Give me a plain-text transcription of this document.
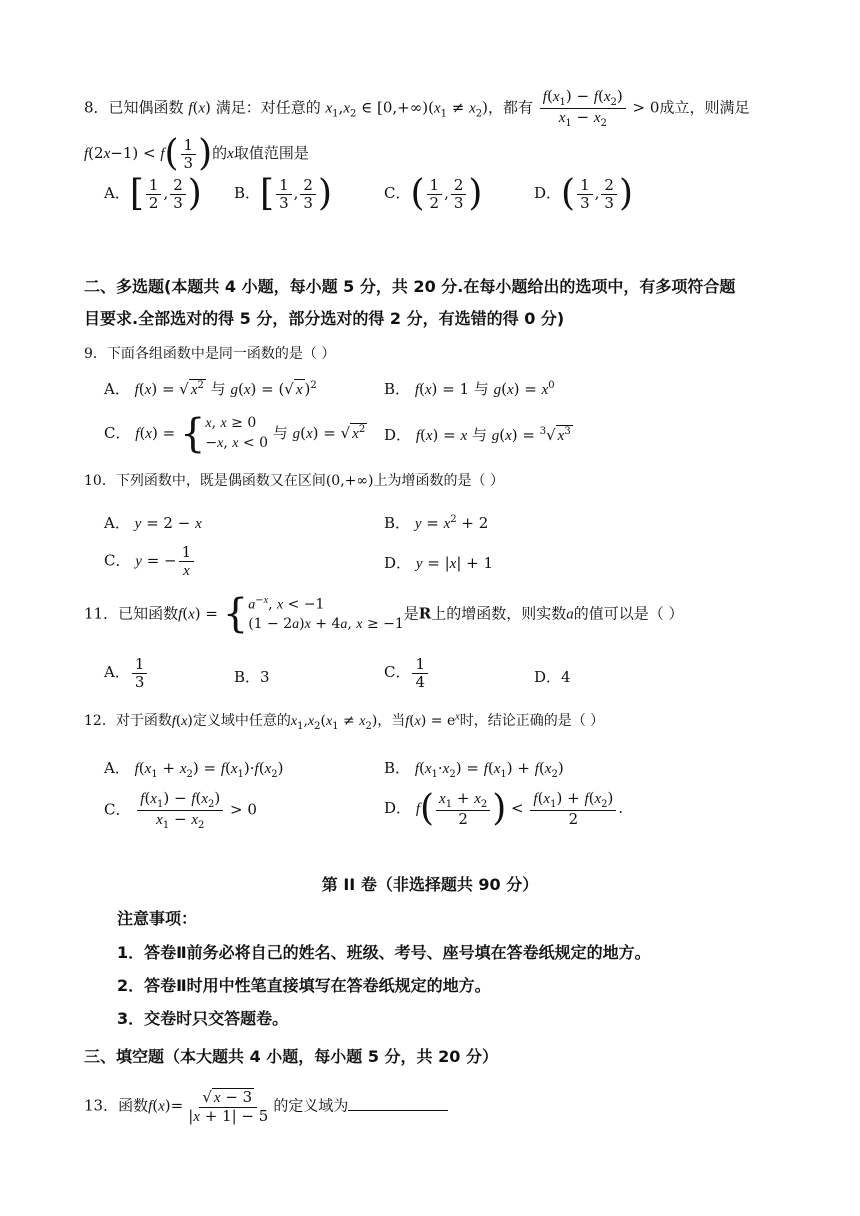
8．已知偶函数 f(x) 满足：对任意的 $x_1,x_2$ ∈ $[0,+\infty)(x_1 \ne x_2)$，都有 $\frac{f(x_1) - f(x_2)}{x_1 - x_2} > 0$成立，则满足
$f(2x-1) < f( \frac{1}{3}$ )的x取值范围是
A．[ $\frac{1}{2}$ , $\frac{2}{3}$ ) B．[ $\frac{1}{3}$ , $\frac{2}{3}$ )	C．( $\frac{1}{2}$ , $\frac{2}{3}$ )	D．( $\frac{1}{3}$ , $\frac{2}{3}$ )
二、多选题(本题共 4 小题，每小题 5 分，共 20 分.在每小题给出的选项中，有多项符合题
目要求.全部选对的得 5 分，部分选对的得 2 分，有选错的得 0 分)
9．下面各组函数中是同一函数的是（ ）
A． f(x) = √ $x^2$ 与 g(x) = (√ x )$^2$	B． f(x) = 1 与 $g(x) = x^0$
C． f(x) = { x, x ≥ 0
−x, x < 0
与 g(x) = √ $x^2$ D． f(x) = x 与 g(x) = $^3$√ $x^3$
10．下列函数中，既是偶函数又在区间(0,+∞)上为增函数的是（ ）
A． y = 2 − x	B． $y = x^2 + 2$
C． y = − $\frac{1}{x}$	D． y = |x| + 1
11．已知函数f(x) = { $a^{-x}$, x < −1
(1 − 2a)x + 4a, x ≥ −1
是R上的增函数，则实数a的值可以是（ ）
A． $\frac{1}{3}$	B．3	C． $\frac{1}{4}$	D．4
12．对于函数f(x)定义域中任意的$x_1,x_2(x_1 \ne x_2)$，当$f(x) = e^x$时，结论正确的是（ ）
A． $f(x_1 + x_2) = f(x_1)\cdot f(x_2)$	B． $f(x_1\cdot x_2) = f(x_1) + f(x_2)$
C． $\frac{f(x_1) - f(x_2)}{x_1 - x_2} > 0$	D． $f( \frac{x_1 + x_2}{2}$ ) < $\frac{f(x_1) + f(x_2)}{2}$ .
第 II 卷（非选择题共 90 分）
注意事项：
1．答卷Ⅱ前务必将自己的姓名、班级、考号、座号填在答卷纸规定的地方。
2．答卷Ⅱ时用中性笔直接填写在答卷纸规定的地方。
3．交卷时只交答题卷。
三、填空题（本大题共 4 小题，每小题 5 分，共 20 分）
13．函数$f(x)= \frac{√ x - 3}{|x + 1| - 5}$ 的定义域为
